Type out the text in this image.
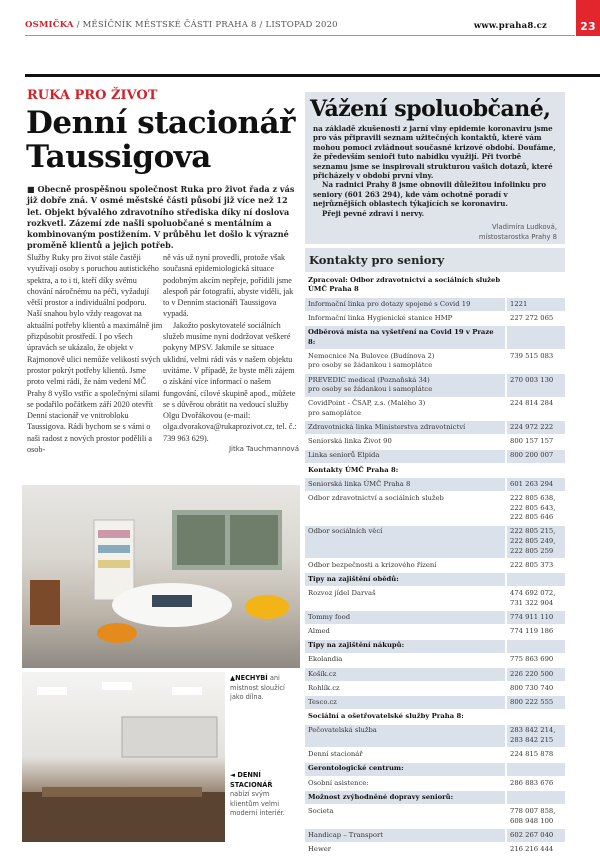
OSMIČKA / MĚSÍČNÍK MĚSTSKÉ ČÁSTI PRAHA 8 / LISTOPAD 2020	www.praha8.cz	23
RUKA PRO ŽIVOT
Denní stacionář
Taussigova
■ Obecně prospěšnou společnost Ruka pro život řada z vás již dobře zná. V osmé městské části působí již více než 12 let. Objekt bývalého zdravotního střediska díky ní doslova rozkvetl. Zázemí zde našli spoluobčané s mentálním a kombinovaným postižením. V průběhu let došlo k výrazné proměně klientů a jejich potřeb.

Služby Ruky pro život stále častěji využívají osoby s poruchou autistického spektra, a to i ti, kteří díky svému chování náročnému na péči, vyžadují větší prostor a individuální podporu. Naší snahou bylo vždy reagovat na aktuální potřeby klientů a maximálně jim přizpůsobit prostředí. I po všech úpravách se ukázalo, že objekt v Rajmonově ulici nemůže velikostí svých prostor pokrýt potřeby klientů. Jsme proto velmi rádi, že nám vedení MČ Prahy 8 vyšlo vstříc a společnými silami se podařilo počátkem září 2020 otevřít Denní stacionář ve vnitrobloku Taussigova. Rádi bychom se s vámi o naši radost z nových prostor podělili a osob-

ně vás už nyní provedli, protože však současná epidemiologická situace podobným akcím nepřeje, pořídili jsme alespoň pár fotografií, abyste viděli, jak to v Denním stacionáři Taussigova vypadá.

Jakožto poskytovatelé sociálních služeb musíme nyní dodržovat veškeré pokyny MPSV. Jakmile se situace uklidní, velmi rádi vás v našem objektu uvítáme. V případě, že byste měli zájem o získání více informací o našem fungování, cílové skupině apod., můžete se s důvěrou obrátit na vedoucí služby Olgu Dvořákovou (e-mail: olga.dvorakova@rukaprozivot.cz, tel. č.: 739 963 629).

Jitka Tauchmannová
▲NECHYBÍ ani místnost sloužící jako dílna.
◄ DENNÍ STACIONÁŘ nabízí svým klientům velmi moderní interiér.
Vážení spoluobčané,

na základě zkušenosti z jarní vlny epidemie koronaviru jsme pro vás připravili seznam užitečných kontaktů, které vám mohou pomoci zvládnout současné krizové období. Doufáme, že především senioři tuto nabídku využijí. Při tvorbě seznamu jsme se inspirovali strukturou vašich dotazů, které přicházely v období první vlny.

Na radnici Prahy 8 jsme obnovili důležitou infolinku pro seniory (601 263 294), kde vám ochotně poradí v nejrůznějších oblastech týkajících se koronaviru.

Přeji pevné zdraví i nervy.

Vladimíra Ludková,
místostarostka Prahy 8
Kontakty pro seniory
Zpracoval: Odbor zdravotnictví a sociálních služeb ÚMČ Praha 8	
Informační linka pro dotazy spojené s Covid 19	1221
Informační linka Hygienické stanice HMP	227 272 065
Odběrová místa na vyšetření na Covid 19 v Praze 8:	
Nemocnice Na Bulovce (Budínova 2)
pro osoby se žádankou i samoplátce	739 515 083
PREVEDIC medical (Poznaňská 34)
pro osoby se žádankou i samoplátce	270 003 130
CovidPoint - ČSAP, z.s. (Malého 3)
pro samoplátce	224 814 284
Zdravotnická linka Ministerstva zdravotnictví	224 972 222
Seniorská linka Život 90	800 157 157
Linka seniorů Elpida	800 200 007
Kontakty ÚMČ Praha 8:	
Seniorská linka ÚMČ Praha 8	601 263 294
Odbor zdravotnictví a sociálních služeb	222 805 638,
222 805 643,
222 805 646
Odbor sociálních věcí	222 805 215,
222 805 249,
222 805 259
Odbor bezpečnosti a krizového řízení	222 805 373
Tipy na zajištění obědů:	
Rozvoz jídel Darvaš	474 692 072,
731 322 904
Tommy food	774 911 110
Almed	774 119 186
Tipy na zajištění nákupů:	
Ekolandia	775 863 690
Košík.cz	226 220 500
Rohlík.cz	800 730 740
Tesco.cz	800 222 555
Sociální a ošetřovatelské služby Praha 8:	
Pečovatelská služba	283 842 214,
283 842 215
Denní stacionář	224 815 878
Gerontologické centrum:	
Osobní asistence:	286 883 676
Možnost zvýhodněné dopravy seniorů:	
Societa	778 007 858,
608 948 100
Handicap – Transport	602 267 040
Hewer	216 216 444
